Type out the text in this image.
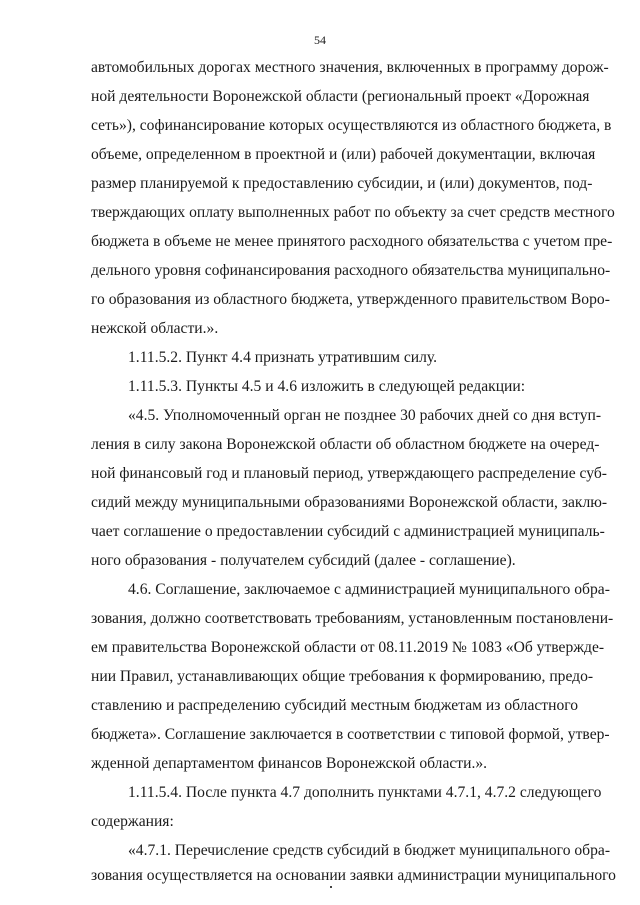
54
автомобильных дорогах местного значения, включенных в программу дорож-
ной деятельности Воронежской области (региональный проект «Дорожная
сеть»), софинансирование которых осуществляются из областного бюджета, в
объеме, определенном в проектной и (или) рабочей документации, включая
размер планируемой к предоставлению субсидии, и (или) документов, под-
тверждающих оплату выполненных работ по объекту за счет средств местного
бюджета в объеме не менее принятого расходного обязательства с учетом пре-
дельного уровня софинансирования расходного обязательства муниципально-
го образования из областного бюджета, утвержденного правительством Воро-
нежской области.».
1.11.5.2. Пункт 4.4 признать утратившим силу.
1.11.5.3. Пункты 4.5 и 4.6 изложить в следующей редакции:
«4.5. Уполномоченный орган не позднее 30 рабочих дней со дня вступ-
ления в силу закона Воронежской области об областном бюджете на очеред-
ной финансовый год и плановый период, утверждающего распределение суб-
сидий между муниципальными образованиями Воронежской области, заклю-
чает соглашение о предоставлении субсидий с администрацией муниципаль-
ного образования - получателем субсидий (далее - соглашение).
4.6. Соглашение, заключаемое с администрацией муниципального обра-
зования, должно соответствовать требованиям, установленным постановлени-
ем правительства Воронежской области от 08.11.2019 № 1083 «Об утвержде-
нии Правил, устанавливающих общие требования к формированию, предо-
ставлению и распределению субсидий местным бюджетам из областного
бюджета». Соглашение заключается в соответствии с типовой формой, утвер-
жденной департаментом финансов Воронежской области.».
1.11.5.4. После пункта 4.7 дополнить пунктами 4.7.1, 4.7.2 следующего
содержания:
«4.7.1. Перечисление средств субсидий в бюджет муниципального обра-
зования осуществляется на основании заявки администрации муниципального
